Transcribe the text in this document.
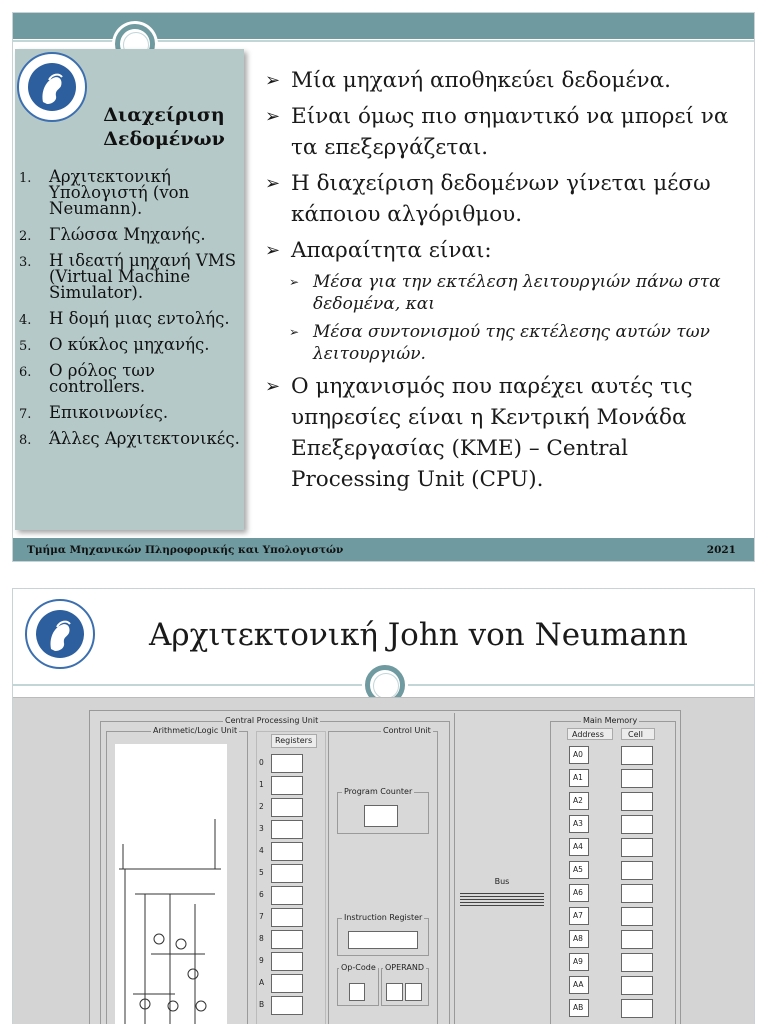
Διαχείριση Δεδομένων
1. Αρχιτεκτονική Υπολογιστή (von Neumann).
2. Γλώσσα Μηχανής.
3. Η ιδεατή μηχανή VMS (Virtual Machine Simulator).
4. Η δομή μιας εντολής.
5. Ο κύκλος μηχανής.
6. Ο ρόλος των controllers.
7. Επικοινωνίες.
8. Άλλες Αρχιτεκτονικές.
➢ Μία μηχανή αποθηκεύει δεδομένα.
➢ Είναι όμως πιο σημαντικό να μπορεί να τα επεξεργάζεται.
➢ Η διαχείριση δεδομένων γίνεται μέσω κάποιου αλγόριθμου.
➢ Απαραίτητα είναι:
➢ Μέσα για την εκτέλεση λειτουργιών πάνω στα δεδομένα, και
➢ Μέσα συντονισμού της εκτέλεσης αυτών των λειτουργιών.
➢ Ο μηχανισμός που παρέχει αυτές τις υπηρεσίες είναι η Κεντρική Μονάδα Επεξεργασίας (ΚΜΕ) – Central Processing Unit (CPU).
Τμήμα Μηχανικών Πληροφορικής και Υπολογιστών	2021
Αρχιτεκτονική John von Neumann
Central Processing Unit
Arithmetic/Logic Unit
Registers
0
1
2
3
4
5
6
7
8
9
A
B
Control Unit
Program Counter
Instruction Register
Op-Code OPERAND
Bus
Main Memory
Address	Cell
A0
A1
A2
A3
A4
A5
A6
A7
A8
A9
AA
AB
